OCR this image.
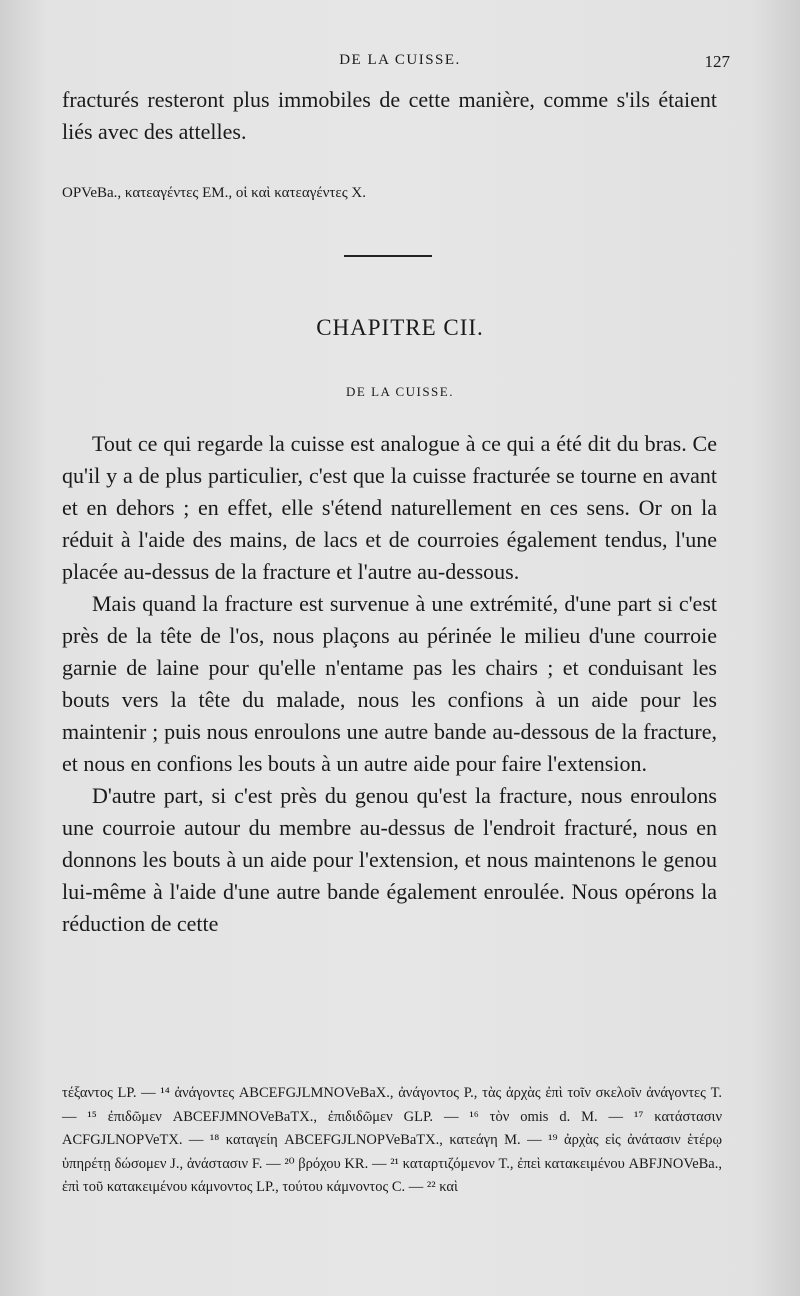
DE LA CUISSE.	127

fracturés resteront plus immobiles de cette manière, comme s'ils étaient liés avec des attelles.

OPVeBa., κατεαγέντες EM., οἱ καὶ κατεαγέντες X.
CHAPITRE CII.
DE LA CUISSE.

Tout ce qui regarde la cuisse est analogue à ce qui a été dit du bras. Ce qu'il y a de plus particulier, c'est que la cuisse fracturée se tourne en avant et en dehors ; en effet, elle s'étend naturellement en ces sens. Or on la réduit à l'aide des mains, de lacs et de courroies également tendus, l'une placée au-dessus de la fracture et l'autre au-dessous.

Mais quand la fracture est survenue à une extrémité, d'une part si c'est près de la tête de l'os, nous plaçons au périnée le milieu d'une courroie garnie de laine pour qu'elle n'entame pas les chairs ; et conduisant les bouts vers la tête du malade, nous les confions à un aide pour les maintenir ; puis nous enroulons une autre bande au-dessous de la fracture, et nous en confions les bouts à un autre aide pour faire l'extension.

D'autre part, si c'est près du genou qu'est la fracture, nous enroulons une courroie autour du membre au-dessus de l'endroit fracturé, nous en donnons les bouts à un aide pour l'extension, et nous maintenons le genou lui-même à l'aide d'une autre bande également enroulée. Nous opérons la réduction de cette

τέξαντος LP. — ¹⁴ ἀνάγοντες ABCEFGJLMNOVeBaX., ἀνάγοντος P., τὰς ἀρχὰς ἐπὶ τοῖν σκελοῖν ἀνάγοντες T. — ¹⁵ ἐπιδῶμεν ABCEFJMNOVeBaTX., ἐπιδιδῶμεν GLP. — ¹⁶ τὸν omis d. M. — ¹⁷ κατάστασιν ACFGJLNOPVeTX. — ¹⁸ καταγείη ABCEFGJLNOPVeBaTX., κατεάγη M. — ¹⁹ ἀρχὰς εἰς ἀνάτασιν ἑτέρῳ ὑπηρέτῃ δώσομεν J., ἀνάστασιν F. — ²⁰ βρόχου KR. — ²¹ καταρτιζόμενον T., ἐπεὶ κατακειμένου ABFJNOVeBa., ἐπὶ τοῦ κατακειμένου κάμνοντος LP., τούτου κάμνοντος C. — ²² καὶ
